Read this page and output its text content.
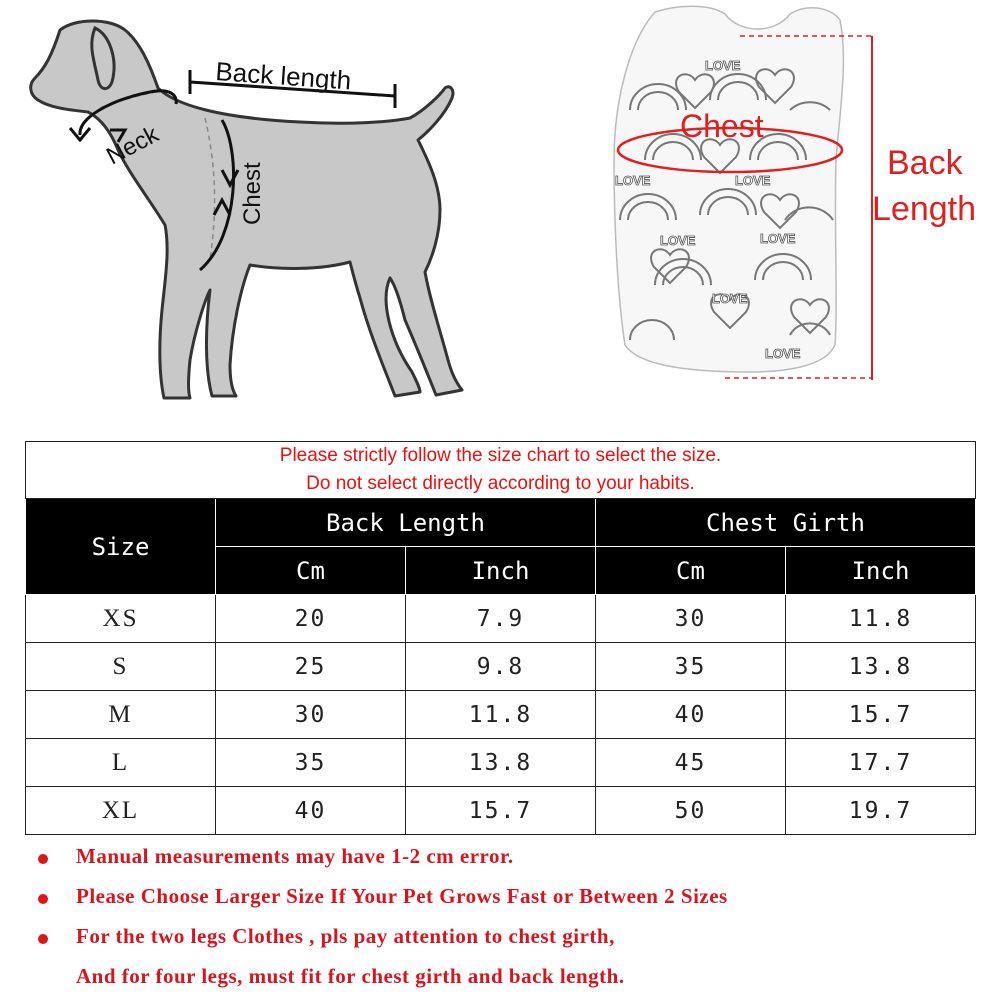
Back length
Neck
Chest
LOVE
LOVE
LOVE	LOVE
LOVE
LOVE
LOVE
Chest
Back
Length
Please strictly follow the size chart to select the size.
Do not select directly according to your habits.				

Size	Back Length		Chest Girth	
	Cm	Inch	Cm	Inch
XS	20	7.9	30	11.8
S	25	9.8	35	13.8
M	30	11.8	40	15.7
L	35	13.8	45	17.7
XL	40	15.7	50	19.7
Manual measurements may have 1-2 cm error.
Please Choose Larger Size If Your Pet Grows Fast or Between 2 Sizes
For the two legs Clothes , pls pay attention to chest girth,
And for four legs, must fit for chest girth and back length.
